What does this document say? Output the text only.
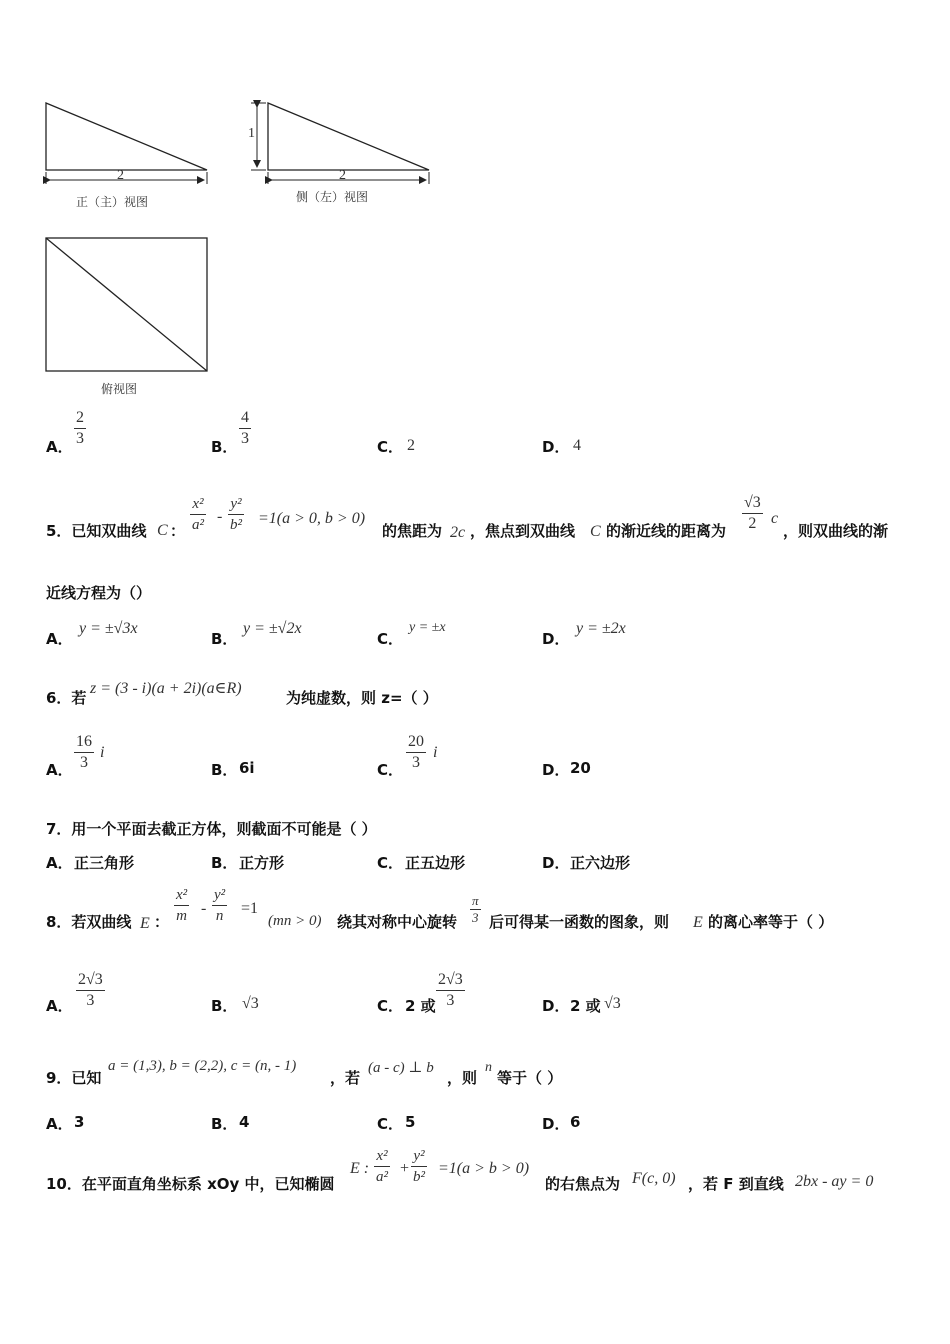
2	2
1
正（主）视图	侧（左）视图
俯视图
A． $\frac{2}{3}$	B． $\frac{4}{3}$	C． 2	D． 4
5．已知双曲线 C ： $\frac{\text{x²}}{\text{a²}} - \frac{\text{y²}}{\text{b²}} =1(a > 0$, b > 0)
的焦距为 2c ，焦点到双曲线 C 的渐近线的距离为 $\frac{√3}{2}$ c
，则双曲线的渐
近线方程为（）
A．
y = ±√3x
B．
y = ±√2x
C．
y = ±x
D．
y = ±2x
6．若
z = (3 - i)(a + 2i)(a∈R)
为纯虚数，则 z=（ ）
A． $\frac{16}{3}$ i
B． 6i	C． $\frac{20}{3}$ i
D． 20
7．用一个平面去截正方体，则截面不可能是（ ）
A． 正三角形	B． 正方形	C． 正五边形	D． 正六边形
8．若双曲线 E ： $\frac{\text{x²}}{m} - \frac{\text{y²}}{n} =1$
(mn > 0) 绕其对称中心旋转 $\frac{\pi}{3}$ 后可得某一函数的图象，则 E 的离心率等于（ ）
A． $\frac{2√3}{3}$	B． √3	C． 2 或 $\frac{2√3}{3}$	D． 2 或 √3
9．已知
a = (1,3), b = (2,2), c = (n, - 1)
，若
(a - c) ⊥ b
，则
n
等于（ ）
A． 3	B． 4	C． 5	D． 6
10．在平面直角坐标系 xOy 中，已知椭圆
E : $\frac{\text{x²}}{\text{a²}} + \frac{\text{y²}}{\text{b²}} =1(a > b > 0)$
的右焦点为 F(c, 0) ，若 F 到直线 2bx - ay = 0
